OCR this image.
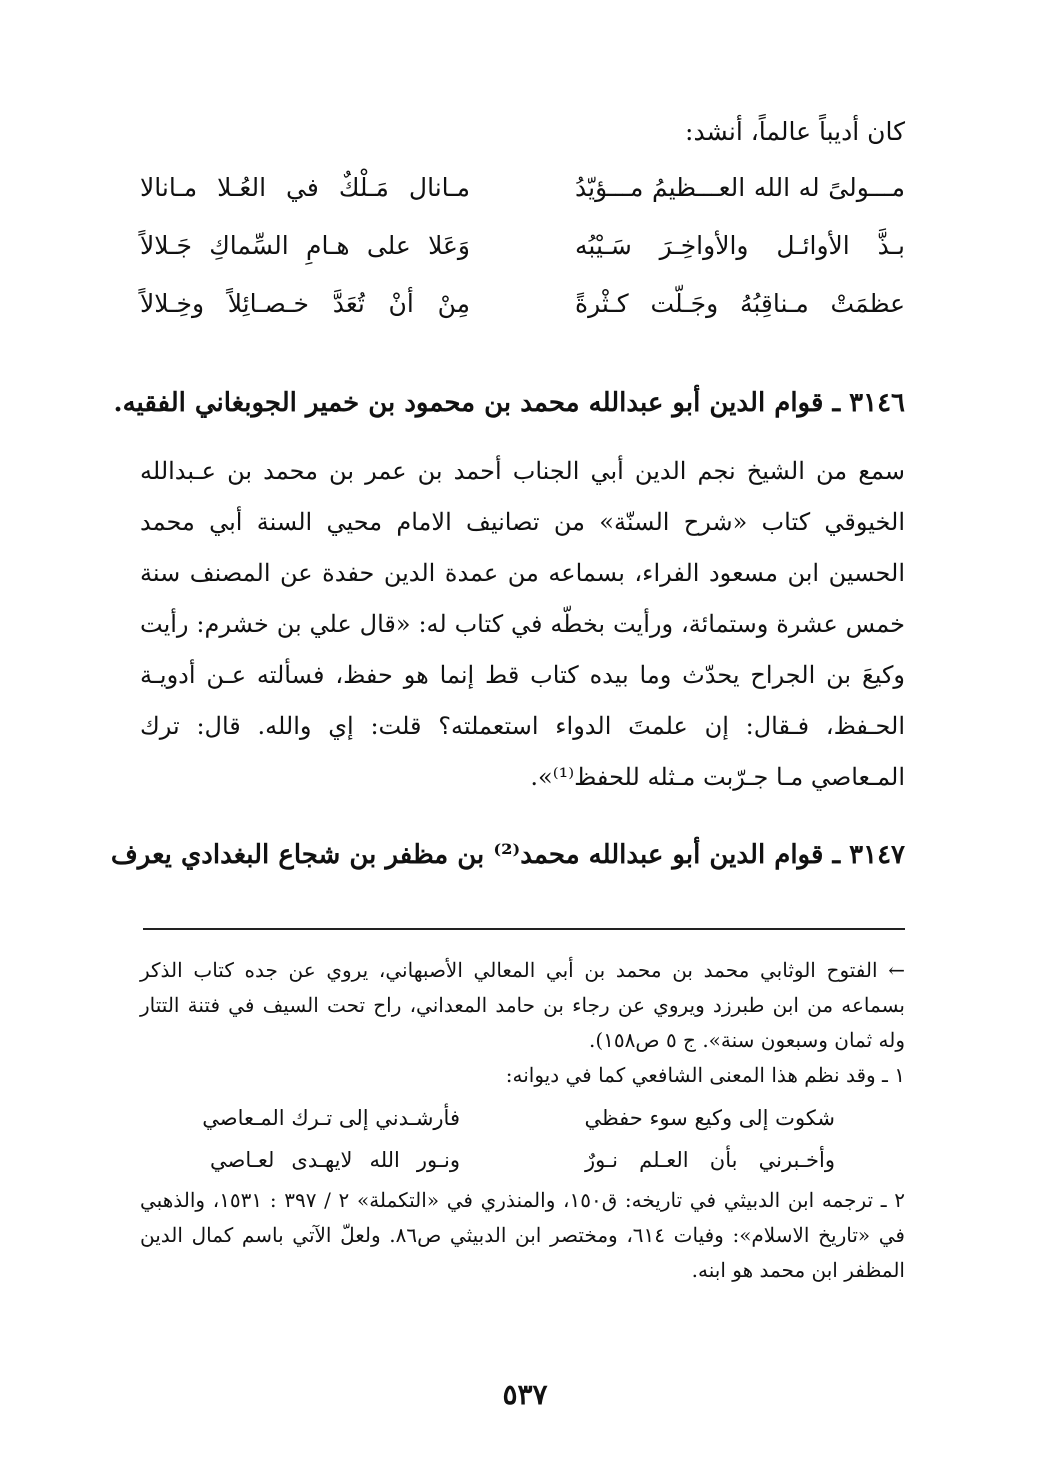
كان أديباً عالماً، أنشد:
مـــولىً له الله العـــظيمُ مـــؤيّدُ
مـانال مَـلْكٌ في العُـلا مـانالا
بـذَّ الأوائـل والأواخِـرَ سَـيْبُه
وَعَلا على هـامِ السِّماكِ جَـلالاً
عظمَتْ مـناقِبُهُ وجَـلّت كـثْرةً
مِنْ أنْ تُعَدَّ خـصـائِلاً وخِـلالاً
٣١٤٦ ـ قوام الدين أبو عبدالله محمد بن محمود بن خمير الجوبغاني الفقيه.

سمع من الشيخ نجم الدين أبي الجناب أحمد بن عمر بن محمد بن عـبدالله الخيوقي كتاب «شرح السنّة» من تصانيف الامام محيي السنة أبي محمد الحسين ابن مسعود الفراء، بسماعه من عمدة الدين حفدة عن المصنف سنة خمس عشرة وستمائة، ورأيت بخطّه في كتاب له: «قال علي بن خشرم: رأيت وكيعَ بن الجراح يحدّث وما بيده كتاب قط إنما هو حفظ، فسألته عـن أدويـة الحـفظ، فـقال: إن علمتَ الدواء استعملته؟ قلت: إي والله. قال: ترك المـعاصي مـا جـرّبت مـثله للحفظ⁽¹⁾».

٣١٤٧ ـ قوام الدين أبو عبدالله محمد⁽²⁾ بن مظفر بن شجاع البغدادي يعرف

← الفتوح الوثابي محمد بن محمد بن أبي المعالي الأصبهاني، يروي عن جده كتاب الذكر بسماعه من ابن طبرزد ويروي عن رجاء بن حامد المعداني، راح تحت السيف في فتنة التتار وله ثمان وسبعون سنة». ج ٥ ص١٥٨).

١ ـ وقد نظم هذا المعنى الشافعي كما في ديوانه:

شكوت إلى وكيع سوء حفظي
فأرشـدني إلى تـرك المـعاصي
وأخـبرني بأن العـلم نـورٌ
ونـور الله لايهـدى لعـاصي

٢ ـ ترجمه ابن الدبيثي في تاريخه: ق١٥٠، والمنذري في «التكملة» ٢ / ٣٩٧ : ١٥٣١، والذهبي في «تاريخ الاسلام»: وفيات ٦١٤، ومختصر ابن الدبيثي ص٨٦. ولعلّ الآتي باسم كمال الدين المظفر ابن محمد هو ابنه.

٥٣٧
